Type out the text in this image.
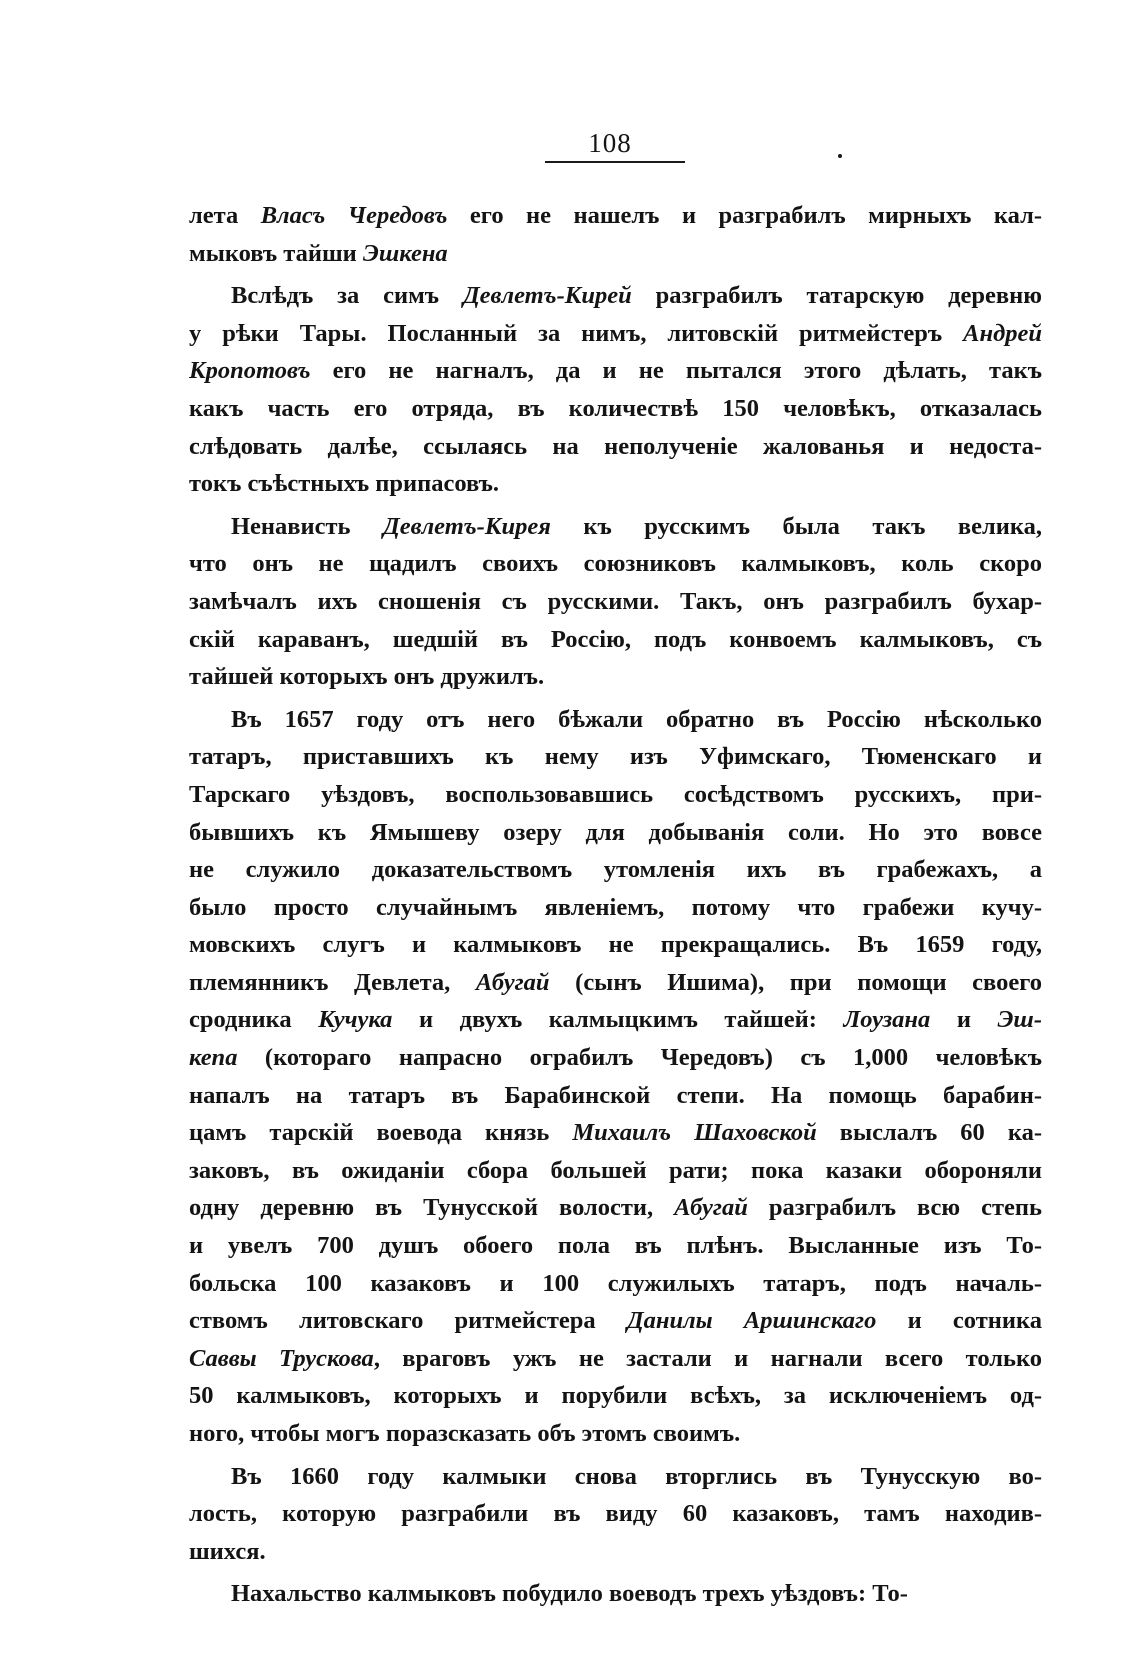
108
лета Власъ Чередовъ его не нашелъ и разграбилъ мирныхъ кал-
мыковъ тайши Эшкена
Вслѣдъ за симъ Девлетъ-Кирей разграбилъ татарскую деревню
у рѣки Тары. Посланный за нимъ, литовскій ритмейстеръ Андрей
Кропотовъ его не нагналъ, да и не пытался этого дѣлать, такъ
какъ часть его отряда, въ количествѣ 150 человѣкъ, отказалась
слѣдовать далѣе, ссылаясь на неполученіе жалованья и недоста-
токъ съѣстныхъ припасовъ.
Ненависть Девлетъ-Кирея къ русскимъ была такъ велика,
что онъ не щадилъ своихъ союзниковъ калмыковъ, коль скоро
замѣчалъ ихъ сношенія съ русскими. Такъ, онъ разграбилъ бухар-
скій караванъ, шедшій въ Россію, подъ конвоемъ калмыковъ, съ
тайшей которыхъ онъ дружилъ.
Въ 1657 году отъ него бѣжали обратно въ Россію нѣсколько
татаръ, приставшихъ къ нему изъ Уфимскаго, Тюменскаго и
Тарскаго уѣздовъ, воспользовавшись сосѣдствомъ русскихъ, при-
бывшихъ къ Ямышеву озеру для добыванія соли. Но это вовсе
не служило доказательствомъ утомленія ихъ въ грабежахъ, а
было просто случайнымъ явленіемъ, потому что грабежи кучу-
мовскихъ слугъ и калмыковъ не прекращались. Въ 1659 году,
племянникъ Девлета, Абугай (сынъ Ишима), при помощи своего
сродника Кучука и двухъ калмыцкимъ тайшей: Лоузана и Эш-
кепа (котораго напрасно ограбилъ Чередовъ) съ 1,000 человѣкъ
напалъ на татаръ въ Барабинской степи. На помощь барабин-
цамъ тарскій воевода князь Михаилъ Шаховской выслалъ 60 ка-
заковъ, въ ожиданіи сбора большей рати; пока казаки обороняли
одну деревню въ Тунусской волости, Абугай разграбилъ всю степь
и увелъ 700 душъ обоего пола въ плѣнъ. Высланные изъ То-
больска 100 казаковъ и 100 служилыхъ татаръ, подъ началь-
ствомъ литовскаго ритмейстера Данилы Аршинскаго и сотника
Саввы Трускова, враговъ ужъ не застали и нагнали всего только
50 калмыковъ, которыхъ и порубили всѣхъ, за исключеніемъ од-
ного, чтобы могъ поразсказать объ этомъ своимъ.
Въ 1660 году калмыки снова вторглись въ Тунусскую во-
лость, которую разграбили въ виду 60 казаковъ, тамъ находив-
шихся.
Нахальство калмыковъ побудило воеводъ трехъ уѣздовъ: То-
